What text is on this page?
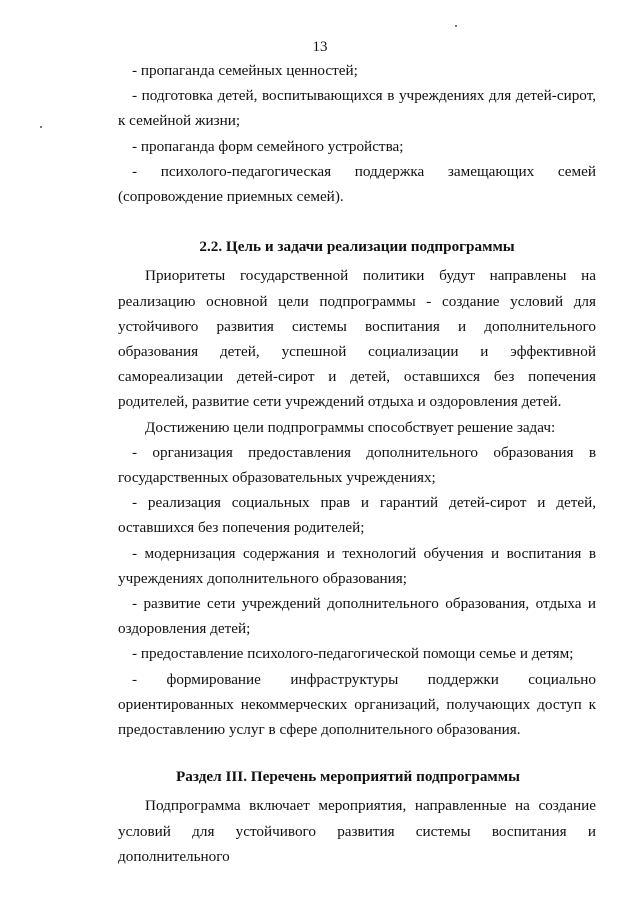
13

- пропаганда семейных ценностей;

- подготовка детей, воспитывающихся в учреждениях для детей-сирот, к семейной жизни;

- пропаганда форм семейного устройства;

- психолого-педагогическая поддержка замещающих семей (сопровождение приемных семей).

2.2. Цель и задачи реализации подпрограммы

Приоритеты государственной политики будут направлены на реализацию основной цели подпрограммы - создание условий для устойчивого развития системы воспитания и дополнительного образования детей, успешной социализации и эффективной самореализации детей-сирот и детей, оставшихся без попечения родителей, развитие сети учреждений отдыха и оздоровления детей.

Достижению цели подпрограммы способствует решение задач:

- организация предоставления дополнительного образования в государственных образовательных учреждениях;

- реализация социальных прав и гарантий детей-сирот и детей, оставшихся без попечения родителей;

- модернизация содержания и технологий обучения и воспитания в учреждениях дополнительного образования;

- развитие сети учреждений дополнительного образования, отдыха и оздоровления детей;

- предоставление психолого-педагогической помощи семье и детям;

- формирование инфраструктуры поддержки социально ориентированных некоммерческих организаций, получающих доступ к предоставлению услуг в сфере дополнительного образования.

Раздел III. Перечень мероприятий подпрограммы

Подпрограмма включает мероприятия, направленные на создание условий для устойчивого развития системы воспитания и дополнительного
